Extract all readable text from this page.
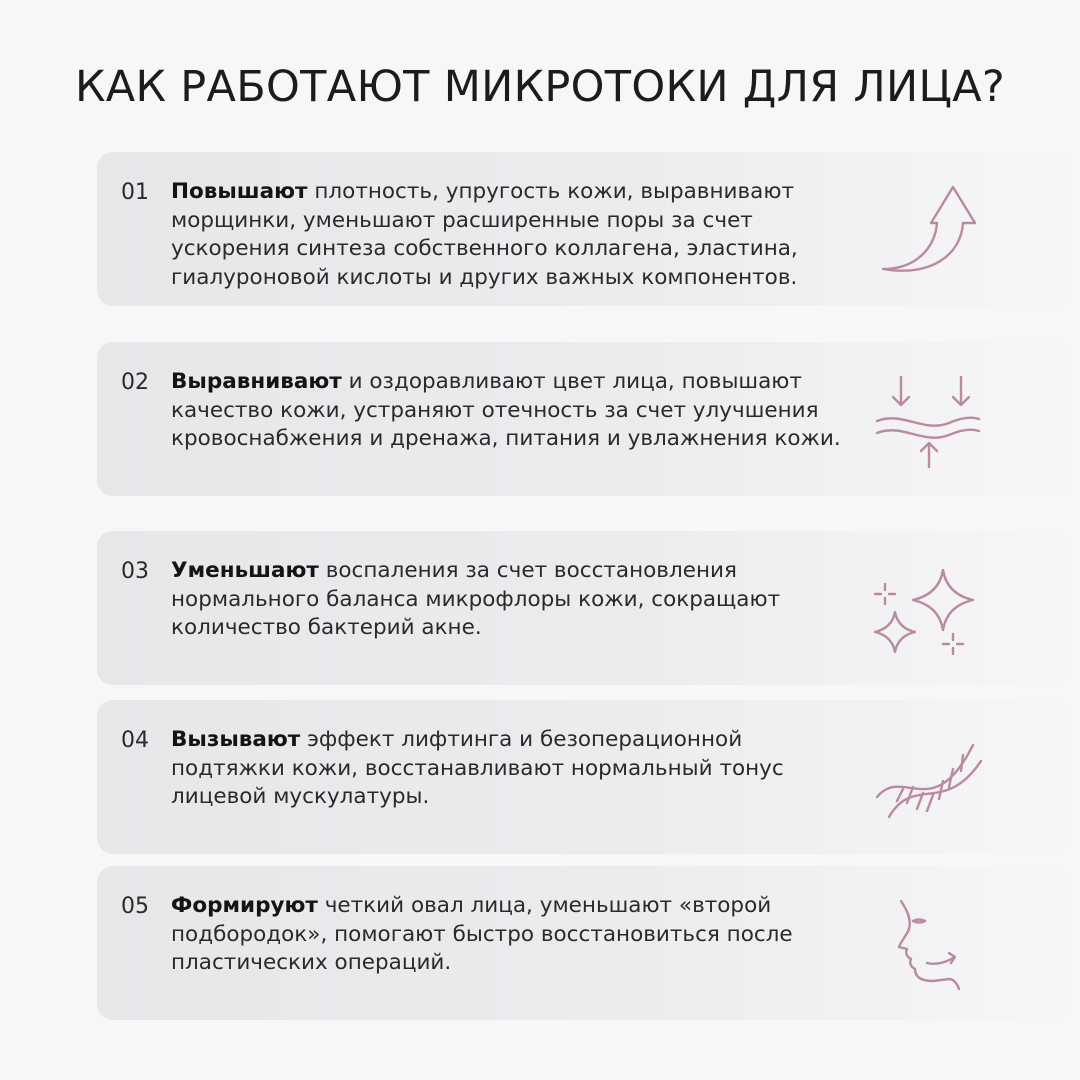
КАК РАБОТАЮТ МИКРОТОКИ ДЛЯ ЛИЦА?
01 Повышают плотность, упругость кожи, выравнивают морщинки, уменьшают расширенные поры за счет ускорения синтеза собственного коллагена, эластина, гиалуроновой кислоты и других важных компонентов.

02 Выравнивают и оздоравливают цвет лица, повышают качество кожи, устраняют отечность за счет улучшения кровоснабжения и дренажа, питания и увлажнения кожи.

03 Уменьшают воспаления за счет восстановления нормального баланса микрофлоры кожи, сокращают количество бактерий акне.

04 Вызывают эффект лифтинга и безоперационной подтяжки кожи, восстанавливают нормальный тонус лицевой мускулатуры.

05 Формируют четкий овал лица, уменьшают «второй подбородок», помогают быстро восстановиться после пластических операций.
